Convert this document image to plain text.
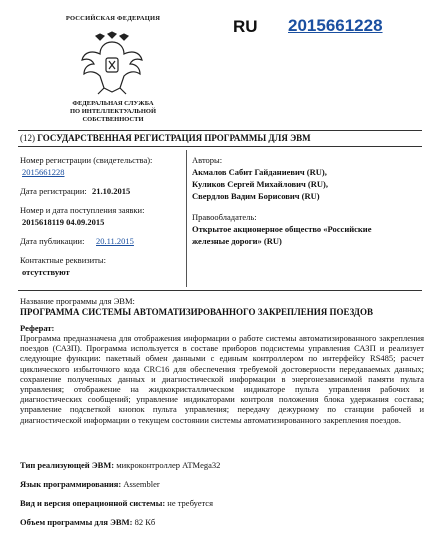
РОССИЙСКАЯ ФЕДЕРАЦИЯ
ФЕДЕРАЛЬНАЯ СЛУЖБА
ПО ИНТЕЛЛЕКТУАЛЬНОЙ СОБСТВЕННОСТИ
RU 2015661228
(12) ГОСУДАРСТВЕННАЯ РЕГИСТРАЦИЯ ПРОГРАММЫ ДЛЯ ЭВМ
Номер регистрации (свидетельства):
2015661228
Дата регистрации: 21.10.2015
Номер и дата поступления заявки:
2015618119 04.09.2015
Дата публикации: 20.11.2015
Контактные реквизиты:
отсутствуют
Авторы:
Акмалов Сабит Гайданиевич (RU),
Куликов Сергей Михайлович (RU),
Свердлов Вадим Борисович (RU)
Правообладатель:
Открытое акционерное общество «Российские
железные дороги» (RU)
Название программы для ЭВМ:
ПРОГРАММА СИСТЕМЫ АВТОМАТИЗИРОВАННОГО ЗАКРЕПЛЕНИЯ ПОЕЗДОВ
Реферат:
Программа предназначена для отображения информации о работе системы автоматизированного закрепления поездов (САЗП). Программа используется в составе приборов подсистемы управления САЗП и реализует следующие функции: пакетный обмен данными с единым контроллером по интерфейсу RS485; расчет циклического избыточного кода CRC16 для обеспечения требуемой достоверности передаваемых данных; сохранение полученных данных и диагностической информации в энергонезависимой памяти пульта управления; отображение на жидкокристаллическом индикаторе пульта управления рабочих и диагностических сообщений; управление индикаторами контроля положения блока удержания состава; управление подсветкой кнопок пульта управления; передачу дежурному по станции рабочей и диагностической информации о текущем состоянии системы автоматизированного закрепления поездов.
Тип реализующей ЭВМ: микроконтроллер ATMega32
Язык программирования: Assembler
Вид и версия операционной системы: не требуется
Объем программы для ЭВМ: 82 Кб
